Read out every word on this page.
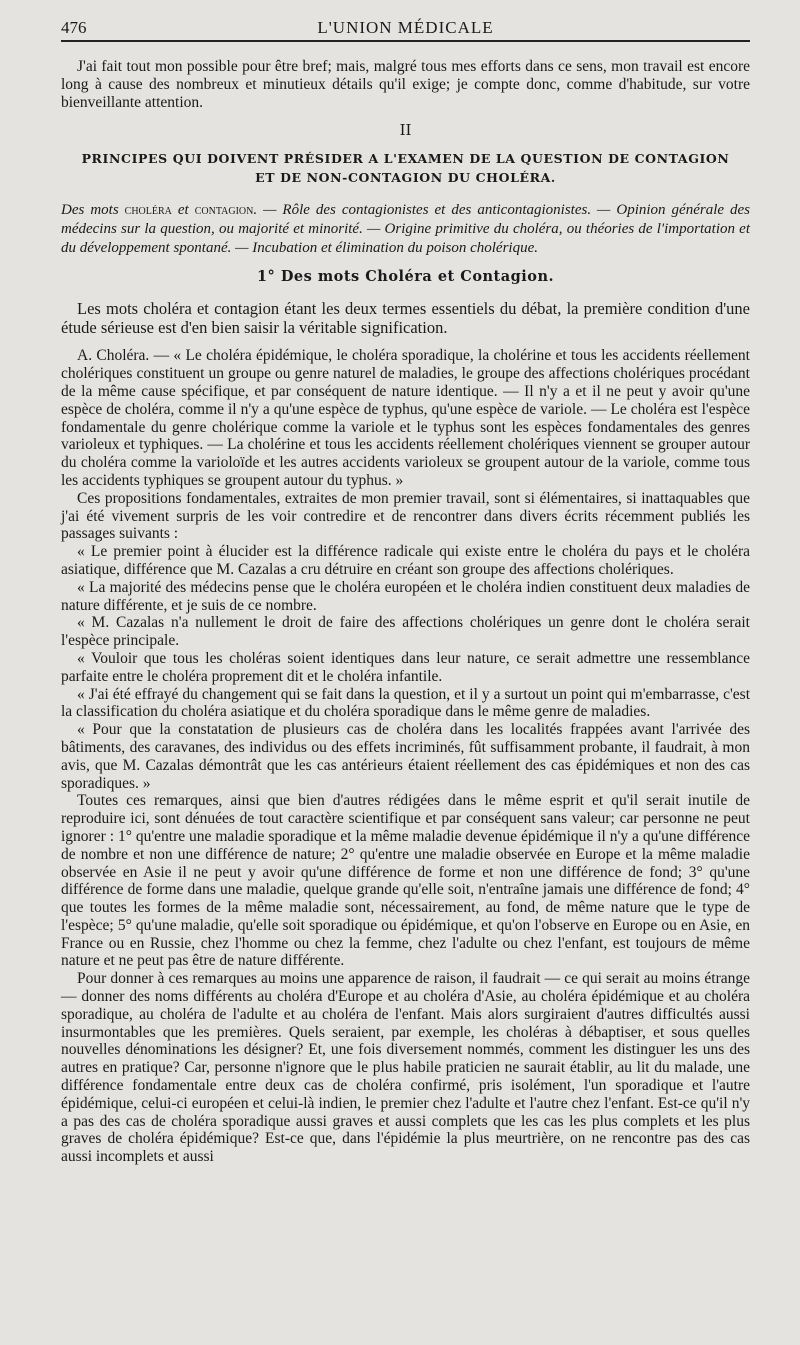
476	L'UNION MÉDICALE

J'ai fait tout mon possible pour être bref; mais, malgré tous mes efforts dans ce sens, mon travail est encore long à cause des nombreux et minutieux détails qu'il exige; je compte donc, comme d'habitude, sur votre bienveillante attention.

II
PRINCIPES QUI DOIVENT PRÉSIDER A L'EXAMEN DE LA QUESTION DE CONTAGION
ET DE NON-CONTAGION DU CHOLÉRA.
Des mots choléra et contagion. — Rôle des contagionistes et des anticontagionistes. — Opinion générale des médecins sur la question, ou majorité et minorité. — Origine primitive du choléra, ou théories de l'importation et du développement spontané. — Incubation et élimination du poison cholérique.
1° Des mots Choléra et Contagion.

Les mots choléra et contagion étant les deux termes essentiels du débat, la première condition d'une étude sérieuse est d'en bien saisir la véritable signification.

A. Choléra. — « Le choléra épidémique, le choléra sporadique, la cholérine et tous les accidents réellement cholériques constituent un groupe ou genre naturel de maladies, le groupe des affections cholériques procédant de la même cause spécifique, et par conséquent de nature identique. — Il n'y a et il ne peut y avoir qu'une espèce de choléra, comme il n'y a qu'une espèce de typhus, qu'une espèce de variole. — Le choléra est l'espèce fondamentale du genre cholérique comme la variole et le typhus sont les espèces fondamentales des genres varioleux et typhiques. — La cholérine et tous les accidents réellement cholériques viennent se grouper autour du choléra comme la varioloïde et les autres accidents varioleux se groupent autour de la variole, comme tous les accidents typhiques se groupent autour du typhus. »

Ces propositions fondamentales, extraites de mon premier travail, sont si élémentaires, si inattaquables que j'ai été vivement surpris de les voir contredire et de rencontrer dans divers écrits récemment publiés les passages suivants :

« Le premier point à élucider est la différence radicale qui existe entre le choléra du pays et le choléra asiatique, différence que M. Cazalas a cru détruire en créant son groupe des affections cholériques.

« La majorité des médecins pense que le choléra européen et le choléra indien constituent deux maladies de nature différente, et je suis de ce nombre.

« M. Cazalas n'a nullement le droit de faire des affections cholériques un genre dont le choléra serait l'espèce principale.

« Vouloir que tous les choléras soient identiques dans leur nature, ce serait admettre une ressemblance parfaite entre le choléra proprement dit et le choléra infantile.

« J'ai été effrayé du changement qui se fait dans la question, et il y a surtout un point qui m'embarrasse, c'est la classification du choléra asiatique et du choléra sporadique dans le même genre de maladies.

« Pour que la constatation de plusieurs cas de choléra dans les localités frappées avant l'arrivée des bâtiments, des caravanes, des individus ou des effets incriminés, fût suffisamment probante, il faudrait, à mon avis, que M. Cazalas démontrât que les cas antérieurs étaient réellement des cas épidémiques et non des cas sporadiques. »

Toutes ces remarques, ainsi que bien d'autres rédigées dans le même esprit et qu'il serait inutile de reproduire ici, sont dénuées de tout caractère scientifique et par conséquent sans valeur; car personne ne peut ignorer : 1° qu'entre une maladie sporadique et la même maladie devenue épidémique il n'y a qu'une différence de nombre et non une différence de nature; 2° qu'entre une maladie observée en Europe et la même maladie observée en Asie il ne peut y avoir qu'une différence de forme et non une différence de fond; 3° qu'une différence de forme dans une maladie, quelque grande qu'elle soit, n'entraîne jamais une différence de fond; 4° que toutes les formes de la même maladie sont, nécessairement, au fond, de même nature que le type de l'espèce; 5° qu'une maladie, qu'elle soit sporadique ou épidémique, et qu'on l'observe en Europe ou en Asie, en France ou en Russie, chez l'homme ou chez la femme, chez l'adulte ou chez l'enfant, est toujours de même nature et ne peut pas être de nature différente.

Pour donner à ces remarques au moins une apparence de raison, il faudrait — ce qui serait au moins étrange — donner des noms différents au choléra d'Europe et au choléra d'Asie, au choléra épidémique et au choléra sporadique, au choléra de l'adulte et au choléra de l'enfant. Mais alors surgiraient d'autres difficultés aussi insurmontables que les premières. Quels seraient, par exemple, les choléras à débaptiser, et sous quelles nouvelles dénominations les désigner? Et, une fois diversement nommés, comment les distinguer les uns des autres en pratique? Car, personne n'ignore que le plus habile praticien ne saurait établir, au lit du malade, une différence fondamentale entre deux cas de choléra confirmé, pris isolément, l'un sporadique et l'autre épidémique, celui-ci européen et celui-là indien, le premier chez l'adulte et l'autre chez l'enfant. Est-ce qu'il n'y a pas des cas de choléra sporadique aussi graves et aussi complets que les cas les plus complets et les plus graves de choléra épidémique? Est-ce que, dans l'épidémie la plus meurtrière, on ne rencontre pas des cas aussi incomplets et aussi
